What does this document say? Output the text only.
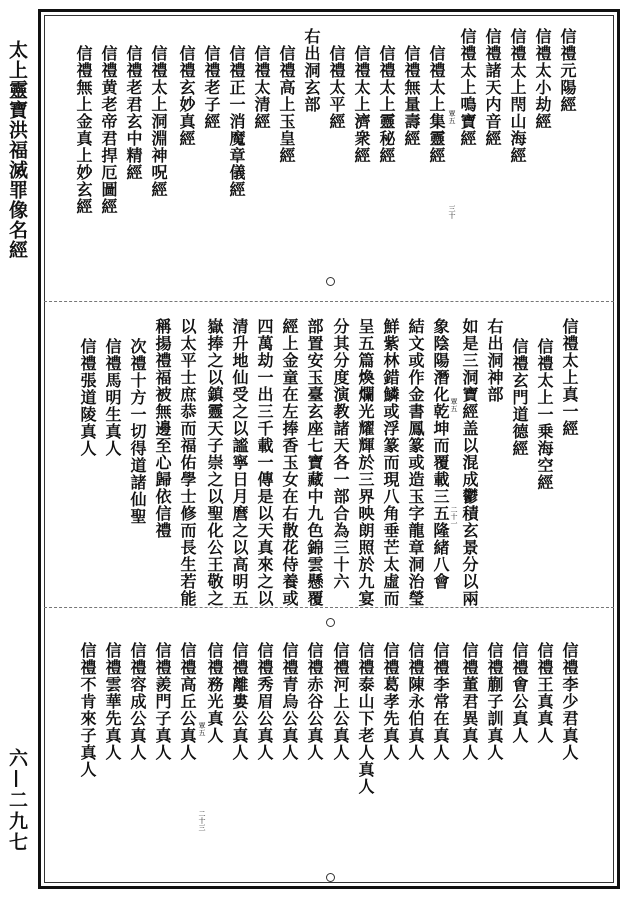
太上靈寶洪福滅罪像名經
六—二九七
信禮元陽經
信禮太小劫經
信禮太上閇山海經
信禮諸天内音經
信禮太上鳴寶經
信禮太上集靈經
信禮無量壽經
信禮太上靈秘經
信禮太上濟衆經
信禮太平經
右出洞玄部
信禮高上玉皇經
信禮太清經
信禮正一消魔章儀經
信禮老子經
信禮玄妙真經
信禮太上洞淵神呪經
信禮老君玄中精經
信禮黄老帝君捍厄圖經
信禮無上金真上妙玄經	覃五
三十
信禮太上真一經
信禮太上一乗海空經
信禮玄門道德經
右出洞神部
如是三洞寶經盖以混成鬱積玄景分以兩
象陰陽潛化乾坤而覆載三五隆緒八會
結文或作金書鳳篆或造玉字龍章洞治瑩
鮮紫林錯鱗或浮篆而現八角垂芒太虛而
呈五篇煥爛光耀輝於三界映朗照於九宴
分其分度演教諸天各一部合為三十六
部置安玉臺玄座七寶藏中九色錦雲懸覆
經上金童在左捧香玉女在右散花侍養或
四萬劫一出三千載一傳是以天真來之以
清升地仙受之以謐寧日月麿之以高明五
嶽捧之以鎮靈天子崇之以聖化公王敬之
以太平士庶恭而福佑學士修而長生若能
稱揚禮福被無邊至心歸依信禮
次禮十方一切得道諸仙聖
信禮馬明生真人
信禮張道陵真人	覃五
二十一
信禮李少君真人
信禮王真真人
信禮㑹公真人
信禮蒯子訓真人
信禮董君異真人
信禮李常在真人
信禮陳永伯真人
信禮葛孝先真人
信禮泰山下老人真人
信禮河上公真人
信禮赤谷公真人
信禮青烏公真人
信禮秀眉公真人
信禮離婁公真人
信禮務光真人
信禮高丘公真人
信禮羨門子真人
信禮容成公真人
信禮雲華先真人
信禮不肯來子真人	覃五
二十三
